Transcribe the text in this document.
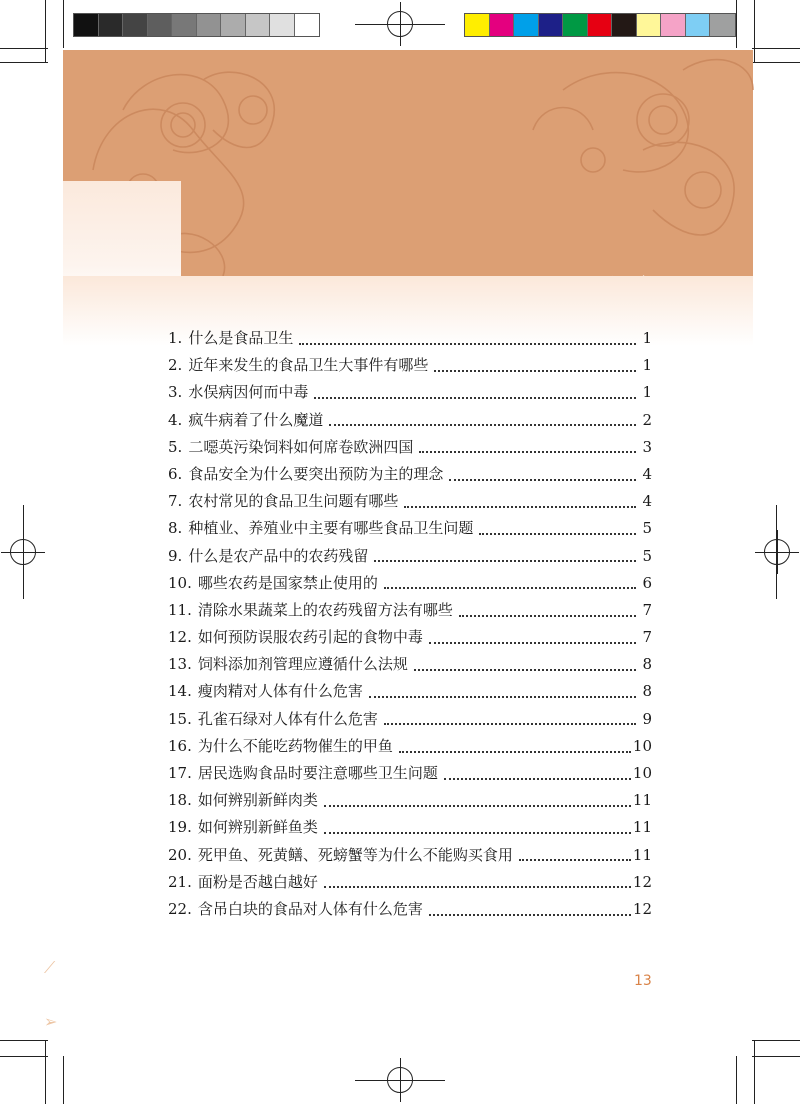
1. 什么是食品卫生	1
2. 近年来发生的食品卫生大事件有哪些	1
3. 水俣病因何而中毒	1
4. 疯牛病着了什么魔道	2
5. 二噁英污染饲料如何席卷欧洲四国	3
6. 食品安全为什么要突出预防为主的理念	4
7. 农村常见的食品卫生问题有哪些	4
8. 种植业、养殖业中主要有哪些食品卫生问题	5
9. 什么是农产品中的农药残留	5
10. 哪些农药是国家禁止使用的	6
11. 清除水果蔬菜上的农药残留方法有哪些	7
12. 如何预防误服农药引起的食物中毒	7
13. 饲料添加剂管理应遵循什么法规	8
14. 瘦肉精对人体有什么危害	8
15. 孔雀石绿对人体有什么危害	9
16. 为什么不能吃药物催生的甲鱼	10
17. 居民选购食品时要注意哪些卫生问题	10
18. 如何辨别新鲜肉类	11
19. 如何辨别新鲜鱼类	11
20. 死甲鱼、死黄鳝、死螃蟹等为什么不能购买食用	11
21. 面粉是否越白越好	12
22. 含吊白块的食品对人体有什么危害	12
⟋
➢
13
